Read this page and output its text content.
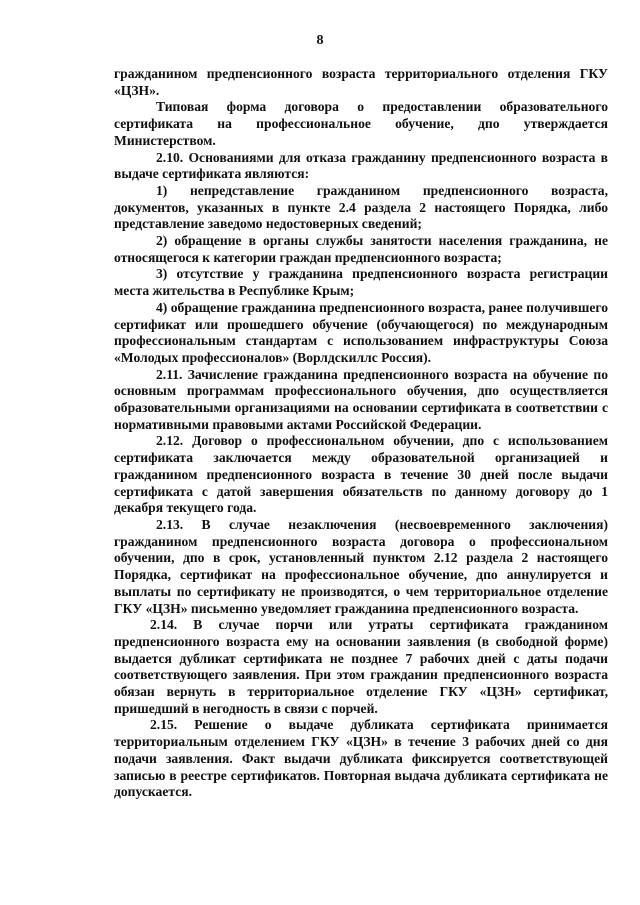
8

гражданином предпенсионного возраста территориального отделения ГКУ «ЦЗН».

Типовая форма договора о предоставлении образовательного сертификата на профессиональное обучение, дпо утверждается Министерством.

2.10. Основаниями для отказа гражданину предпенсионного возраста в выдаче сертификата являются:

1) непредставление гражданином предпенсионного возраста, документов, указанных в пункте 2.4 раздела 2 настоящего Порядка, либо представление заведомо недостоверных сведений;

2) обращение в органы службы занятости населения гражданина, не относящегося к категории граждан предпенсионного возраста;

3) отсутствие у гражданина предпенсионного возраста регистрации места жительства в Республике Крым;

4) обращение гражданина предпенсионного возраста, ранее получившего сертификат или прошедшего обучение (обучающегося) по международным профессиональным стандартам с использованием инфраструктуры Союза «Молодых профессионалов» (Ворлдскиллс Россия).

2.11. Зачисление гражданина предпенсионного возраста на обучение по основным программам профессионального обучения, дпо осуществляется образовательными организациями на основании сертификата в соответствии с нормативными правовыми актами Российской Федерации.

2.12. Договор о профессиональном обучении, дпо с использованием сертификата заключается между образовательной организацией и гражданином предпенсионного возраста в течение 30 дней после выдачи сертификата с датой завершения обязательств по данному договору до 1 декабря текущего года.

2.13. В случае незаключения (несвоевременного заключения) гражданином предпенсионного возраста договора о профессиональном обучении, дпо в срок, установленный пунктом 2.12 раздела 2 настоящего Порядка, сертификат на профессиональное обучение, дпо аннулируется и выплаты по сертификату не производятся, о чем территориальное отделение ГКУ «ЦЗН» письменно уведомляет гражданина предпенсионного возраста.

2.14. В случае порчи или утраты сертификата гражданином предпенсионного возраста ему на основании заявления (в свободной форме) выдается дубликат сертификата не позднее 7 рабочих дней с даты подачи соответствующего заявления. При этом гражданин предпенсионного возраста обязан вернуть в территориальное отделение ГКУ «ЦЗН» сертификат, пришедший в негодность в связи с порчей.

2.15. Решение о выдаче дубликата сертификата принимается территориальным отделением ГКУ «ЦЗН» в течение 3 рабочих дней со дня подачи заявления. Факт выдачи дубликата фиксируется соответствующей записью в реестре сертификатов. Повторная выдача дубликата сертификата не допускается.
